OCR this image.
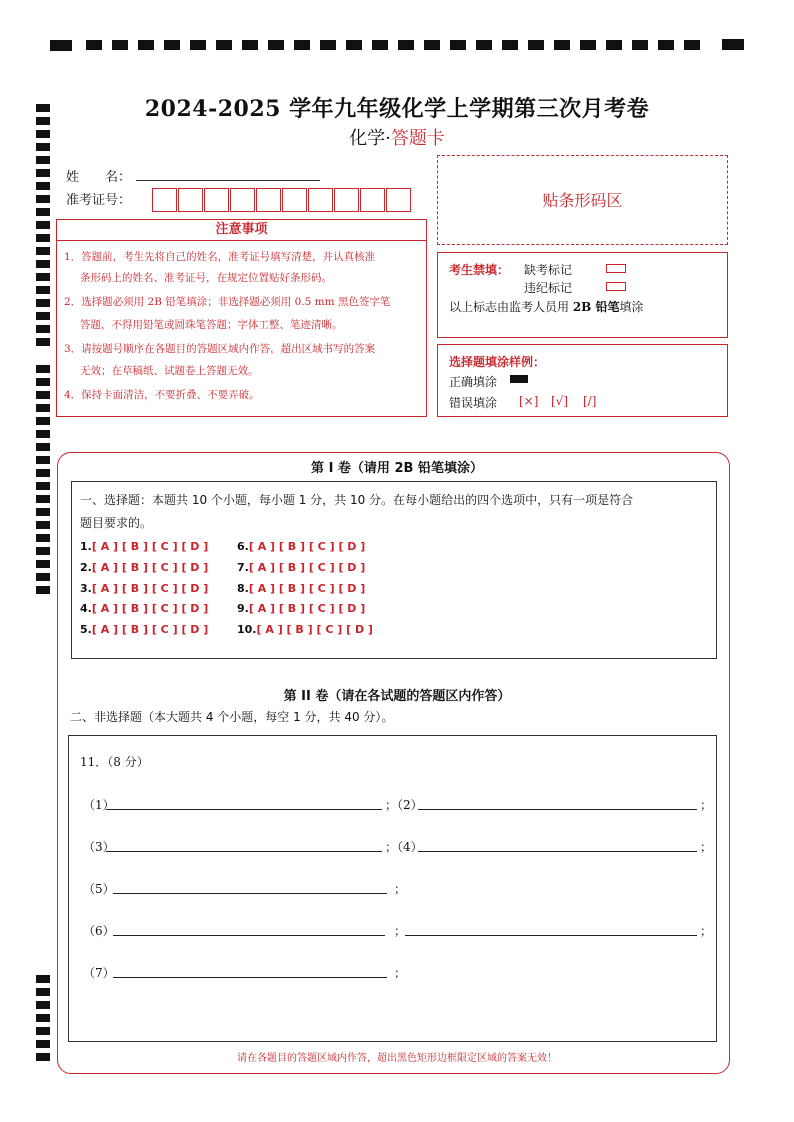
2024-2025 学年九年级化学上学期第三次月考卷
化学·答题卡
姓　　名：
准考证号：	贴条形码区
注意事项
1．答题前，考生先将自己的姓名，准考证号填写清楚，并认真核准
条形码上的姓名、准考证号，在规定位置贴好条形码。
2．选择题必须用 2B 铅笔填涂；非选择题必须用 0.5 mm 黑色签字笔
答题，不得用铅笔或圆珠笔答题；字体工整、笔迹清晰。
3．请按题号顺序在各题目的答题区域内作答，超出区域书写的答案
无效；在草稿纸、试题卷上答题无效。
4．保持卡面清洁，不要折叠、不要弄破。
考生禁填： 缺考标记
违纪标记
以上标志由监考人员用 2B 铅笔填涂
选择题填涂样例：
正确填涂
错误填涂 [×] [√] [/]
第 I 卷（请用 2B 铅笔填涂）
一、选择题：本题共 10 个小题，每小题 1 分，共 10 分。在每小题给出的四个选项中，只有一项是符合
题目要求的。
1.[ A ] [ B ] [ C ] [ D ]
2.[ A ] [ B ] [ C ] [ D ]
3.[ A ] [ B ] [ C ] [ D ]
4.[ A ] [ B ] [ C ] [ D ]
5.[ A ] [ B ] [ C ] [ D ]
6.[ A ] [ B ] [ C ] [ D ]
7.[ A ] [ B ] [ C ] [ D ]
8.[ A ] [ B ] [ C ] [ D ]
9.[ A ] [ B ] [ C ] [ D ]
10.[ A ] [ B ] [ C ] [ D ]
第 II 卷（请在各试题的答题区内作答）
二、非选择题（本大题共 4 个小题，每空 1 分，共 40 分）。
11．（8 分）
（1）	；（2）	；
（3）	；（4）	；
（5）	；
（6）	；	；
（7）	；
请在各题目的答题区域内作答，超出黑色矩形边框限定区域的答案无效！
